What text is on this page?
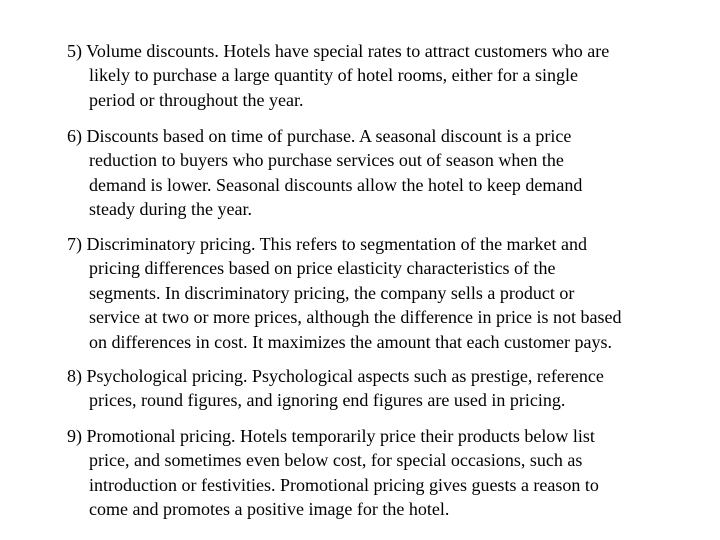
5) Volume discounts. Hotels have special rates to attract customers who are
likely to purchase a large quantity of hotel rooms, either for a single
period or throughout the year.
6) Discounts based on time of purchase. A seasonal discount is a price
reduction to buyers who purchase services out of season when the
demand is lower. Seasonal discounts allow the hotel to keep demand
steady during the year.
7) Discriminatory pricing. This refers to segmentation of the market and
pricing differences based on price elasticity characteristics of the
segments. In discriminatory pricing, the company sells a product or
service at two or more prices, although the difference in price is not based
on differences in cost. It maximizes the amount that each customer pays.
8) Psychological pricing. Psychological aspects such as prestige, reference
prices, round figures, and ignoring end figures are used in pricing.
9) Promotional pricing. Hotels temporarily price their products below list
price, and sometimes even below cost, for special occasions, such as
introduction or festivities. Promotional pricing gives guests a reason to
come and promotes a positive image for the hotel.
